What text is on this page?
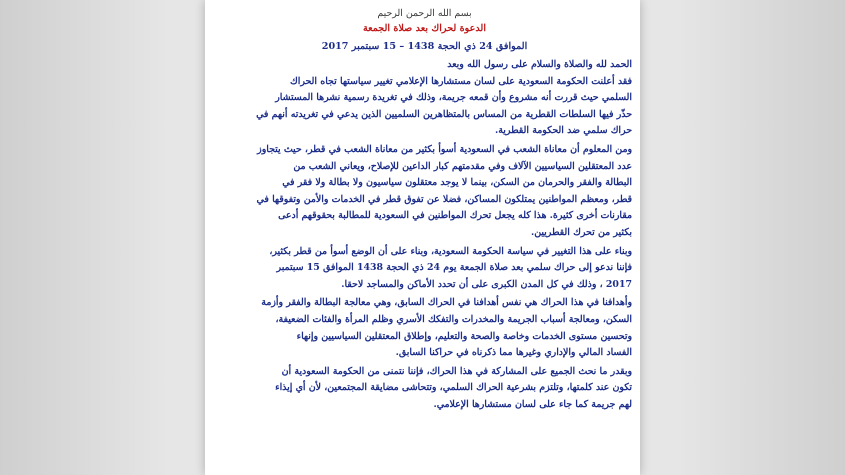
بسم الله الرحمن الرحيم
الدعوة لحراك بعد صلاة الجمعة
الموافق 24 ذي الحجة 1438 – 15 سبتمبر 2017

الحمد لله والصلاة والسلام على رسول الله وبعد

فقد أعلنت الحكومة السعودية على لسان مستشارها الإعلامي تغيير سياستها تجاه الحراك

السلمي حيث قررت أنه مشروع وأن قمعه جريمة، وذلك في تغريدة رسمية نشرها المستشار

حذّر فيها السلطات القطرية من المساس بالمتظاهرين السلميين الذين يدعي في تغريدته أنهم في

حراك سلمي ضد الحكومة القطرية.

ومن المعلوم أن معاناة الشعب في السعودية أسوأ بكثير من معاناة الشعب في قطر، حيث يتجاوز

عدد المعتقلين السياسيين الآلاف وفي مقدمتهم كبار الداعين للإصلاح، ويعاني الشعب من

البطالة والفقر والحرمان من السكن، بينما لا يوجد معتقلون سياسيون ولا بطالة ولا فقر في

قطر، ومعظم المواطنين يمتلكون المساكن، فضلا عن تفوق قطر في الخدمات والأمن وتفوقها في

مقارنات أخرى كثيرة. هذا كله يجعل تحرك المواطنين في السعودية للمطالبة بحقوقهم أدعى

بكثير من تحرك القطريين.

وبناء على هذا التغيير في سياسة الحكومة السعودية، وبناء على أن الوضع أسوأ من قطر بكثير،

فإننا ندعو إلى حراك سلمي بعد صلاة الجمعة يوم 24 ذي الحجة 1438 الموافق 15 سبتمبر

2017 ، وذلك في كل المدن الكبرى على أن تحدد الأماكن والمساجد لاحقا.

وأهدافنا في هذا الحراك هي نفس أهدافنا في الحراك السابق، وهي معالجة البطالة والفقر وأزمة

السكن، ومعالجة أسباب الجريمة والمخدرات والتفكك الأسري وظلم المرأة والفئات الضعيفة،

وتحسين مستوى الخدمات وخاصة والصحة والتعليم، وإطلاق المعتقلين السياسيين وإنهاء

الفساد المالي والإداري وغيرها مما ذكرناه في حراكنا السابق.

وبقدر ما نحث الجميع على المشاركة في هذا الحراك، فإننا نتمنى من الحكومة السعودية أن

تكون عند كلمتها، وتلتزم بشرعية الحراك السلمي، وتتحاشى مضايقة المجتمعين، لأن أي إيذاء

لهم جريمة كما جاء على لسان مستشارها الإعلامي.
